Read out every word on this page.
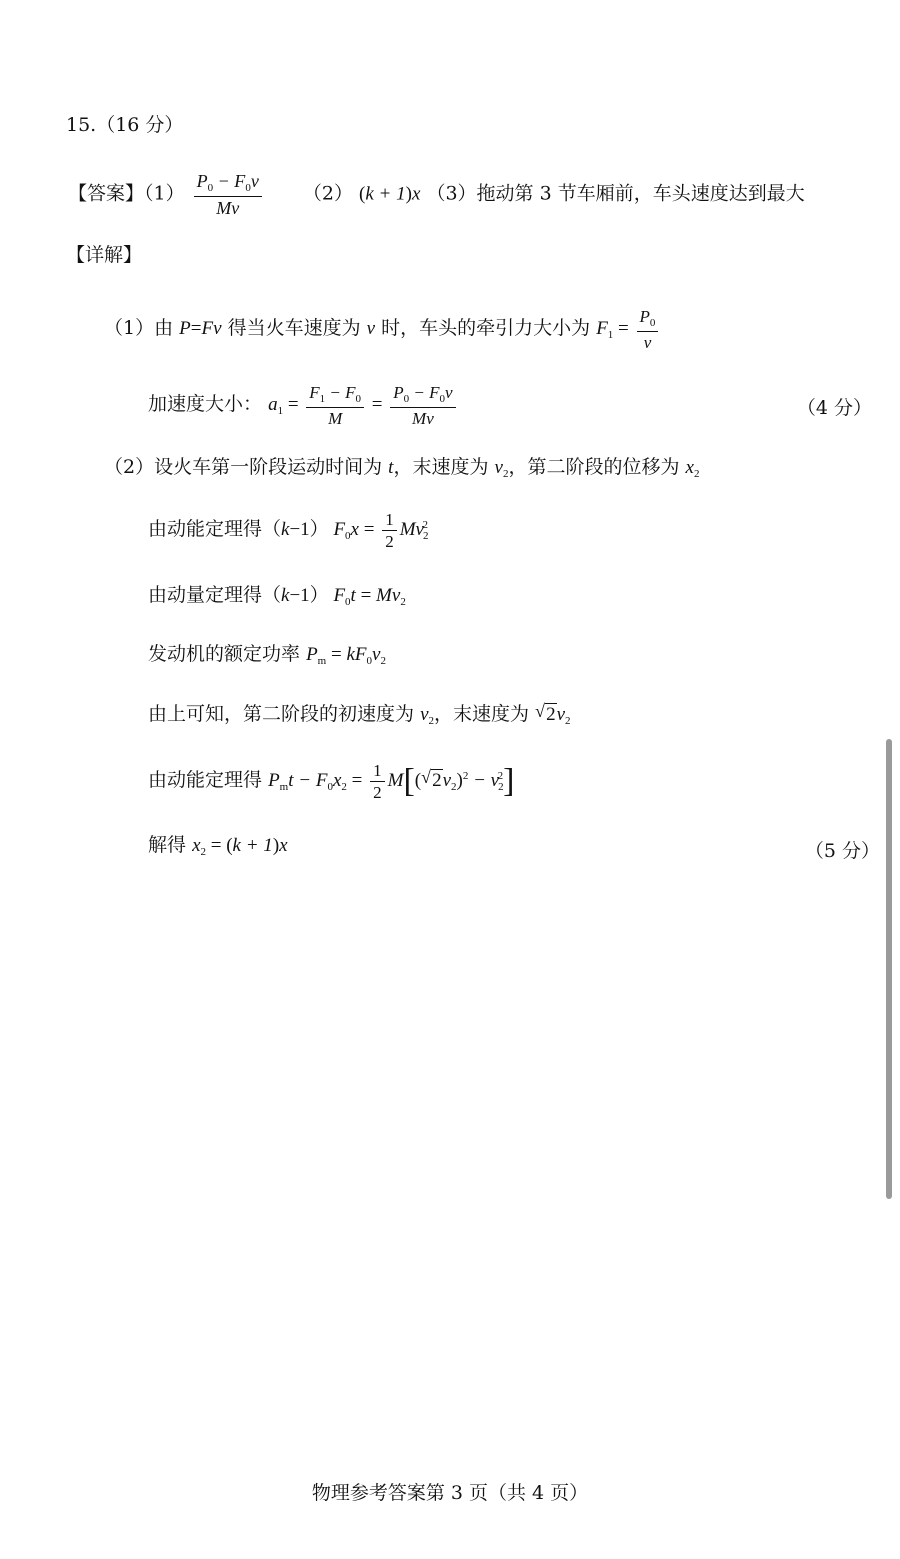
15.（16 分）
【答案】$(1) \frac{P_0 - F_0v}{Mv} (2) (k + 1)x$ （3）拖动第 3 节车厢前，车头速度达到最大
【详解】
（1）由 P=Fv 得当火车速度为 v 时，车头的牵引力大小为 $F_1 = \frac{P_0}{v}$
加速度大小： $a_1 = \frac{F_1 - F_0}{M} = \frac{P_0 - F_0v}{Mv}$	（4 分）
（2）设火车第一阶段运动时间为 t，末速度为 $v_2$，第二阶段的位移为 $x_2$
由动能定理得（k−1） $F_0x = \frac{1}{2} Mv_2^2$
由动量定理得（k−1） $F_0t = Mv_2$
发动机的额定功率 $P_m = kF_0v_2$
由上可知，第二阶段的初速度为 $v_2$，末速度为 √ $2v_2$
由动能定理得 $P_mt - F_0x_2 = \frac{1}{2} M$[( √ $2v_2)^2 - v_2^2$]
解得 $x_2 = (k + 1)x$	（5 分）
物理参考答案第 3 页（共 4 页）
